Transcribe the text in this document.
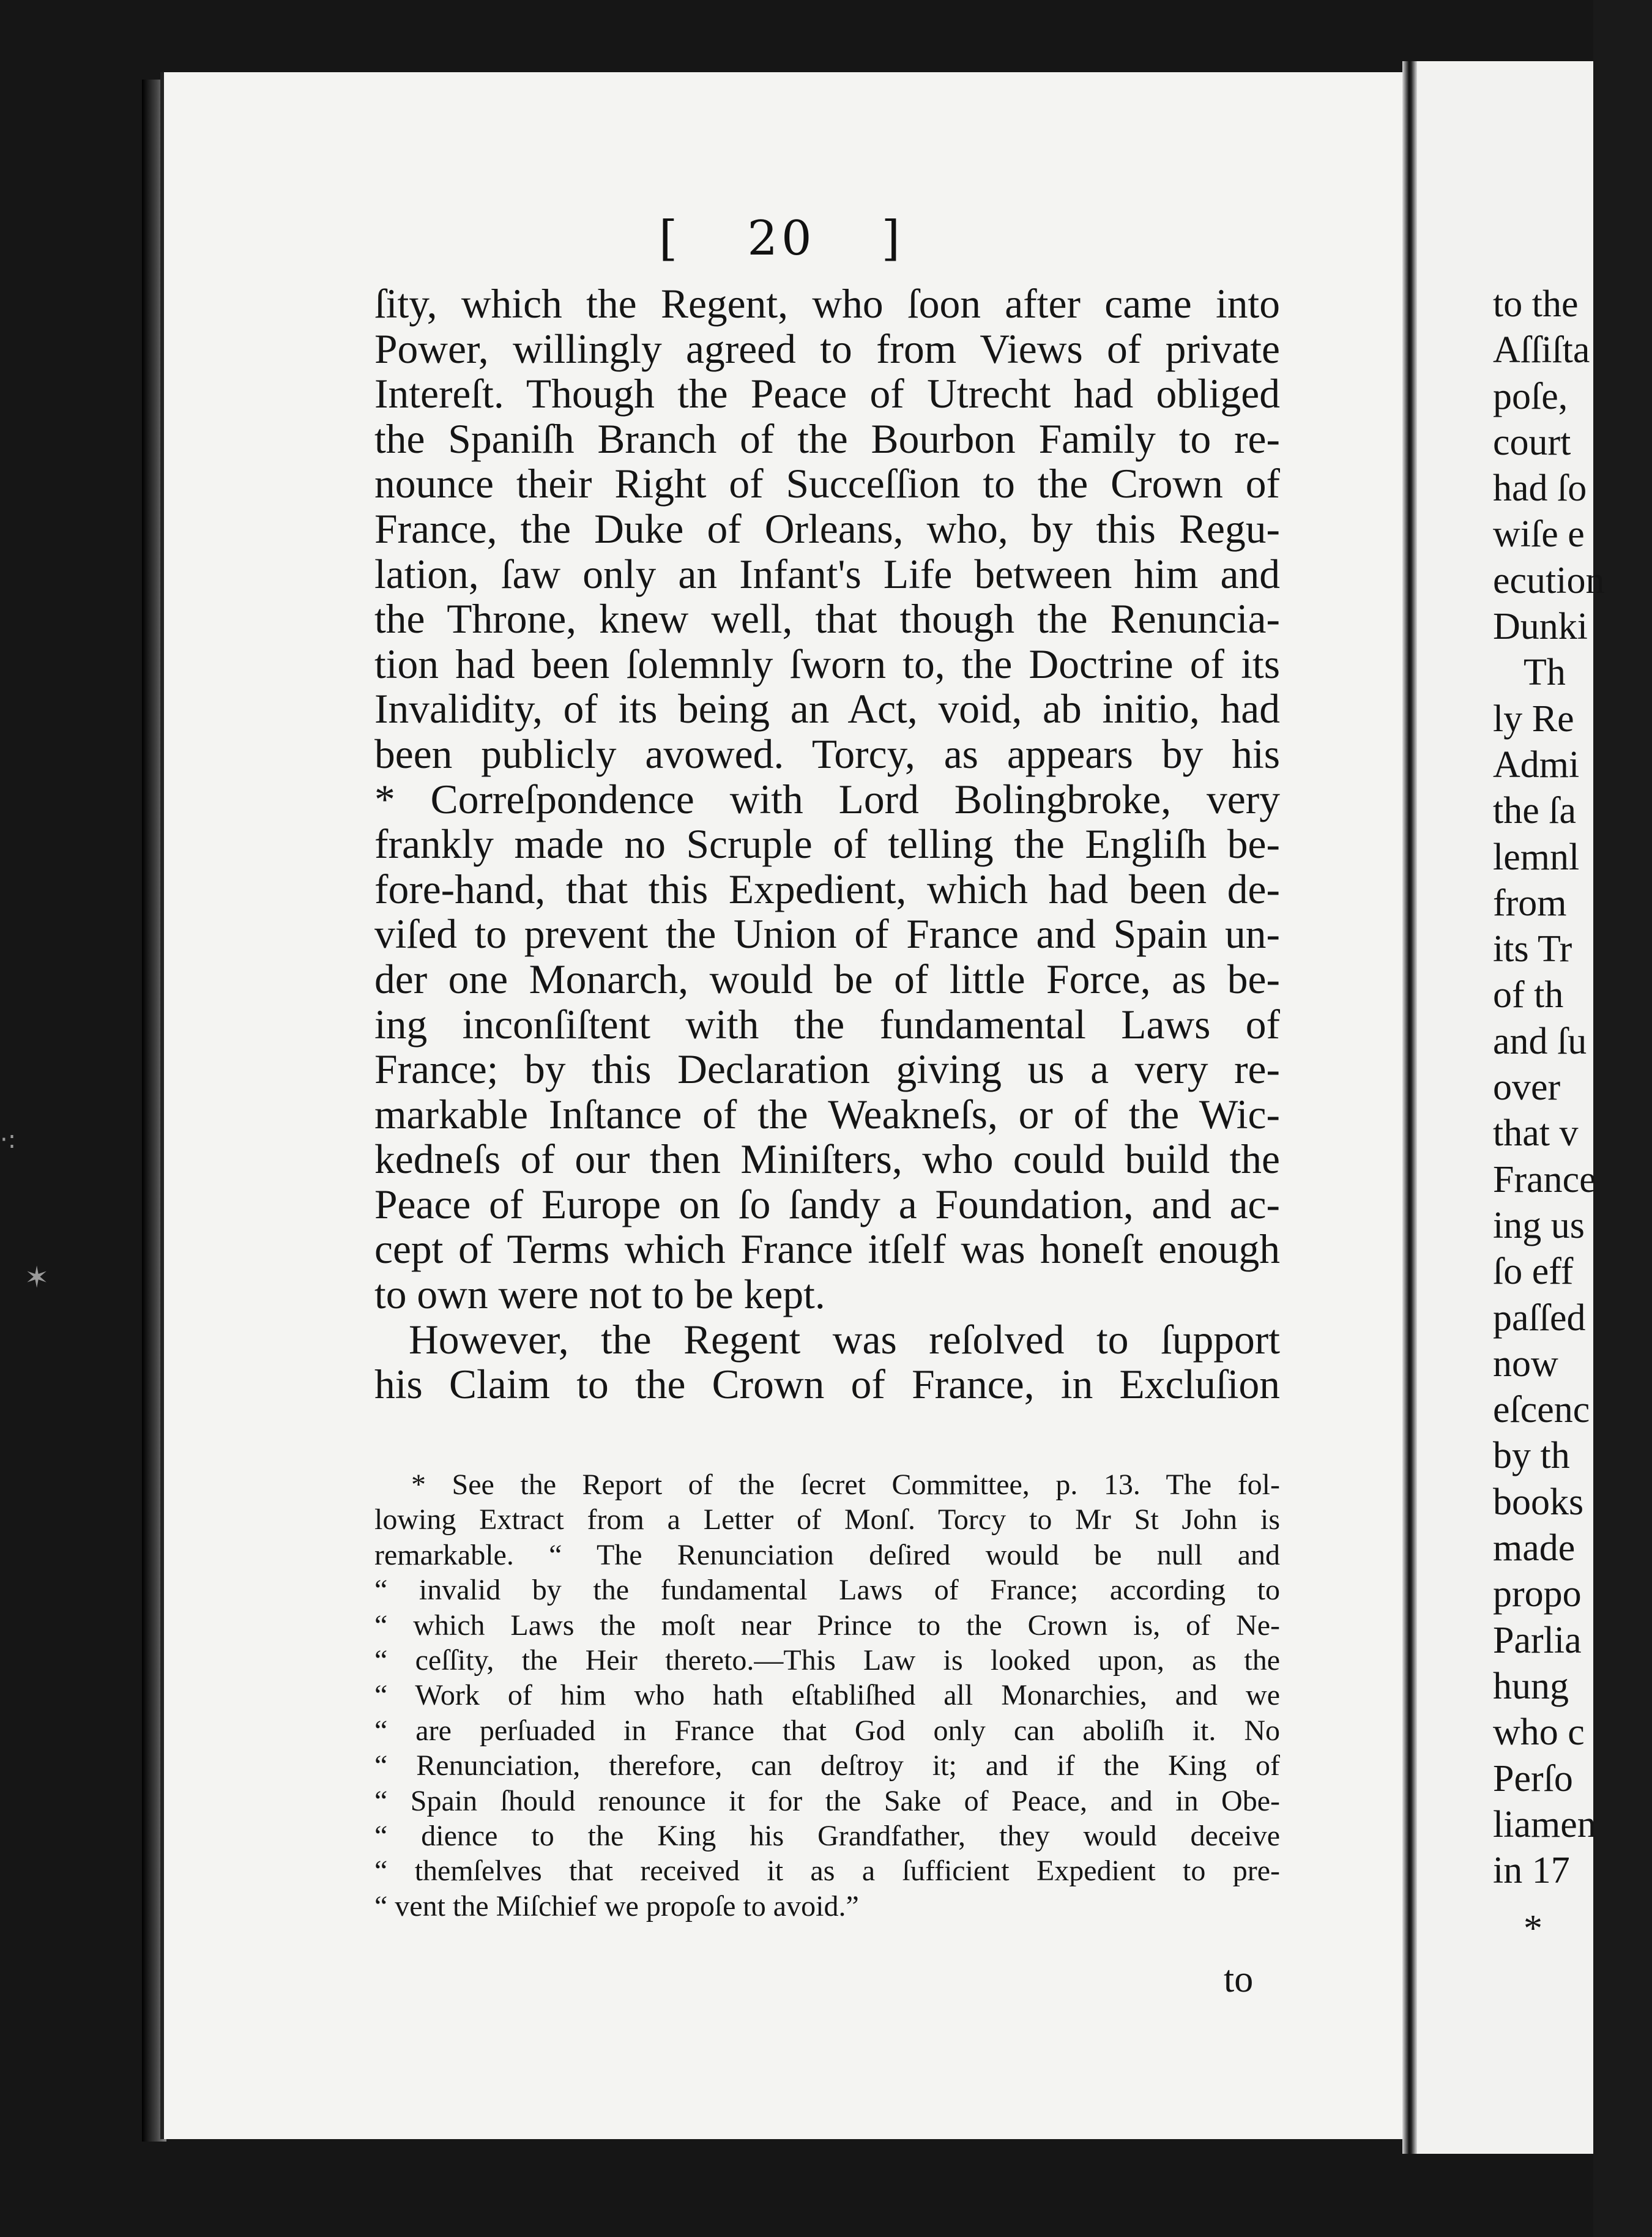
·:
✶
[ 20 ]
ſity, which the Regent, who ſoon after came into
Power, willingly agreed to from Views of private
Intereſt. Though the Peace of Utrecht had obliged
the Spaniſh Branch of the Bourbon Family to re-
nounce their Right of Succeſſion to the Crown of
France, the Duke of Orleans, who, by this Regu-
lation, ſaw only an Infant's Life between him and
the Throne, knew well, that though the Renuncia-
tion had been ſolemnly ſworn to, the Doctrine of its
Invalidity, of its being an Act, void, ab initio, had
been publicly avowed. Torcy, as appears by his
* Correſpondence with Lord Bolingbroke, very
frankly made no Scruple of telling the Engliſh be-
fore-hand, that this Expedient, which had been de-
viſed to prevent the Union of France and Spain un-
der one Monarch, would be of little Force, as be-
ing inconſiſtent with the fundamental Laws of
France; by this Declaration giving us a very re-
markable Inſtance of the Weakneſs, or of the Wic-
kedneſs of our then Miniſters, who could build the
Peace of Europe on ſo ſandy a Foundation, and ac-
cept of Terms which France itſelf was honeſt enough
to own were not to be kept.
However, the Regent was reſolved to ſupport
his Claim to the Crown of France, in Excluſion
* See the Report of the ſecret Committee, p. 13. The fol-
lowing Extract from a Letter of Monſ. Torcy to Mr St John is
remarkable. “ The Renunciation deſired would be null and
“ invalid by the fundamental Laws of France; according to
“ which Laws the moſt near Prince to the Crown is, of Ne-
“ ceſſity, the Heir thereto.—This Law is looked upon, as the
“ Work of him who hath eſtabliſhed all Monarchies, and we
“ are perſuaded in France that God only can aboliſh it. No
“ Renunciation, therefore, can deſtroy it; and if the King of
“ Spain ſhould renounce it for the Sake of Peace, and in Obe-
“ dience to the King his Grandfather, they would deceive
“ themſelves that received it as a ſufficient Expedient to pre-
“ vent the Miſchief we propoſe to avoid.”
to
to the
Aſſiſta
poſe,
court
had ſo
wiſe e
ecution
Dunki
Th
ly Re
Admi
the ſa
lemnl
from
its Tr
of th
and ſu
over
that v
France
ing us
ſo eff
paſſed
now
eſcenc
by th
books
made
propo
Parlia
hung
who c
Perſo
liamen
in 17
*
